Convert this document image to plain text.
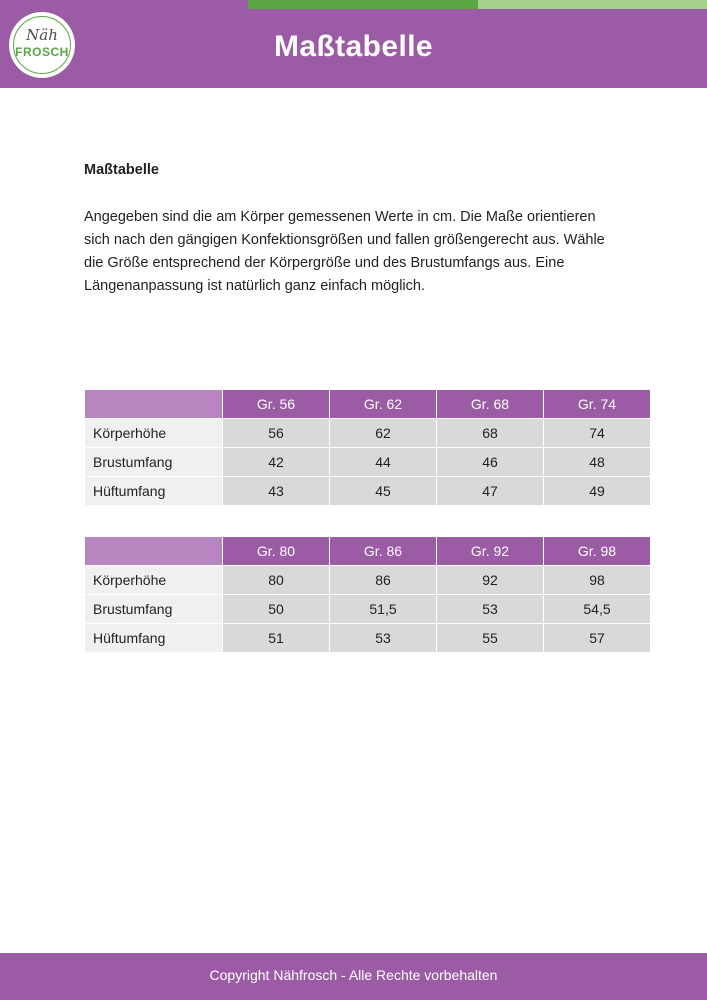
Näh
FROSCH	Maßtabelle
Maßtabelle

Angegeben sind die am Körper gemessenen Werte in cm. Die Maße orientieren sich nach den gängigen Konfektionsgrößen und fallen größengerecht aus. Wähle die Größe entsprechend der Körpergröße und des Brustumfangs aus. Eine Längenanpassung ist natürlich ganz einfach möglich.

	Gr. 56	Gr. 62	Gr. 68	Gr. 74
Körperhöhe	56	62	68	74
Brustumfang	42	44	46	48
Hüftumfang	43	45	47	49
	Gr. 80	Gr. 86	Gr. 92	Gr. 98
Körperhöhe	80	86	92	98
Brustumfang	50	51,5	53	54,5
Hüftumfang	51	53	55	57
Copyright Nähfrosch - Alle Rechte vorbehalten
